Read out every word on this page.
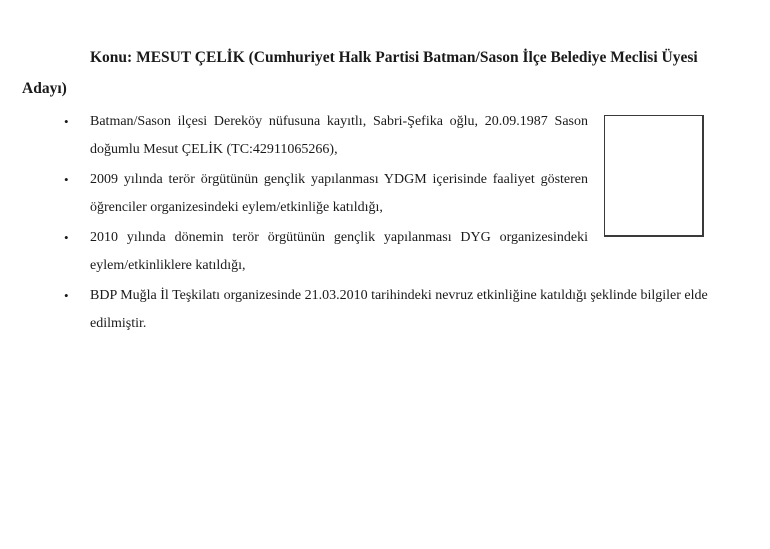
Konu: MESUT ÇELİK (Cumhuriyet Halk Partisi Batman/Sason İlçe Belediye Meclisi Üyesi Adayı)

• Batman/Sason ilçesi Dereköy nüfusuna kayıtlı, Sabri-Şefika oğlu, 20.09.1987 Sason doğumlu Mesut ÇELİK (TC:42911065266),
• 2009 yılında terör örgütünün gençlik yapılanması YDGM içerisinde faaliyet gösteren öğrenciler organizesindeki eylem/etkinliğe katıldığı,
• 2010 yılında dönemin terör örgütünün gençlik yapılanması DYG organizesindeki eylem/etkinliklere katıldığı,
• BDP Muğla İl Teşkilatı organizesinde 21.03.2010 tarihindeki nevruz etkinliğine katıldığı şeklinde bilgiler elde edilmiştir.
